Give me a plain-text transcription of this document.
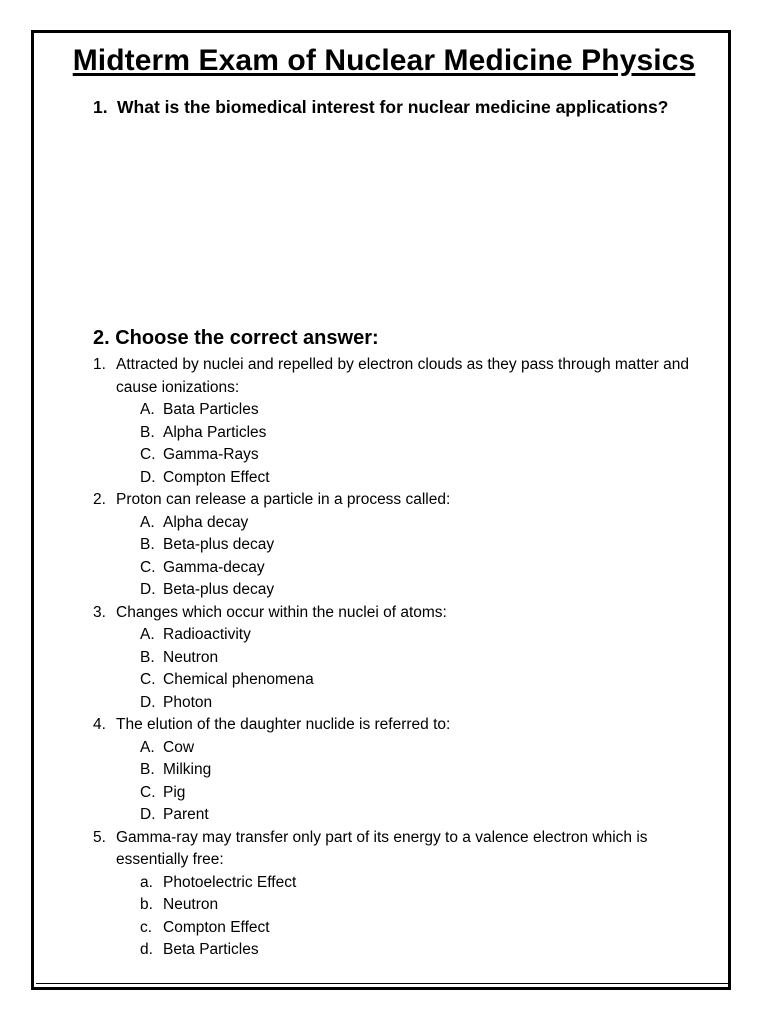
Midterm Exam of Nuclear Medicine Physics
1. What is the biomedical interest for nuclear medicine applications?
2. Choose the correct answer:
1. Attracted by nuclei and repelled by electron clouds as they pass through matter and cause ionizations:
A. Bata Particles
B. Alpha Particles
C. Gamma-Rays
D. Compton Effect
2. Proton can release a particle in a process called:
A. Alpha decay
B. Beta-plus decay
C. Gamma-decay
D. Beta-plus decay
3. Changes which occur within the nuclei of atoms:
A. Radioactivity
B. Neutron
C. Chemical phenomena
D. Photon
4. The elution of the daughter nuclide is referred to:
A. Cow
B. Milking
C. Pig
D. Parent
5. Gamma-ray may transfer only part of its energy to a valence electron which is essentially free:
a. Photoelectric Effect
b. Neutron
c. Compton Effect
d. Beta Particles
